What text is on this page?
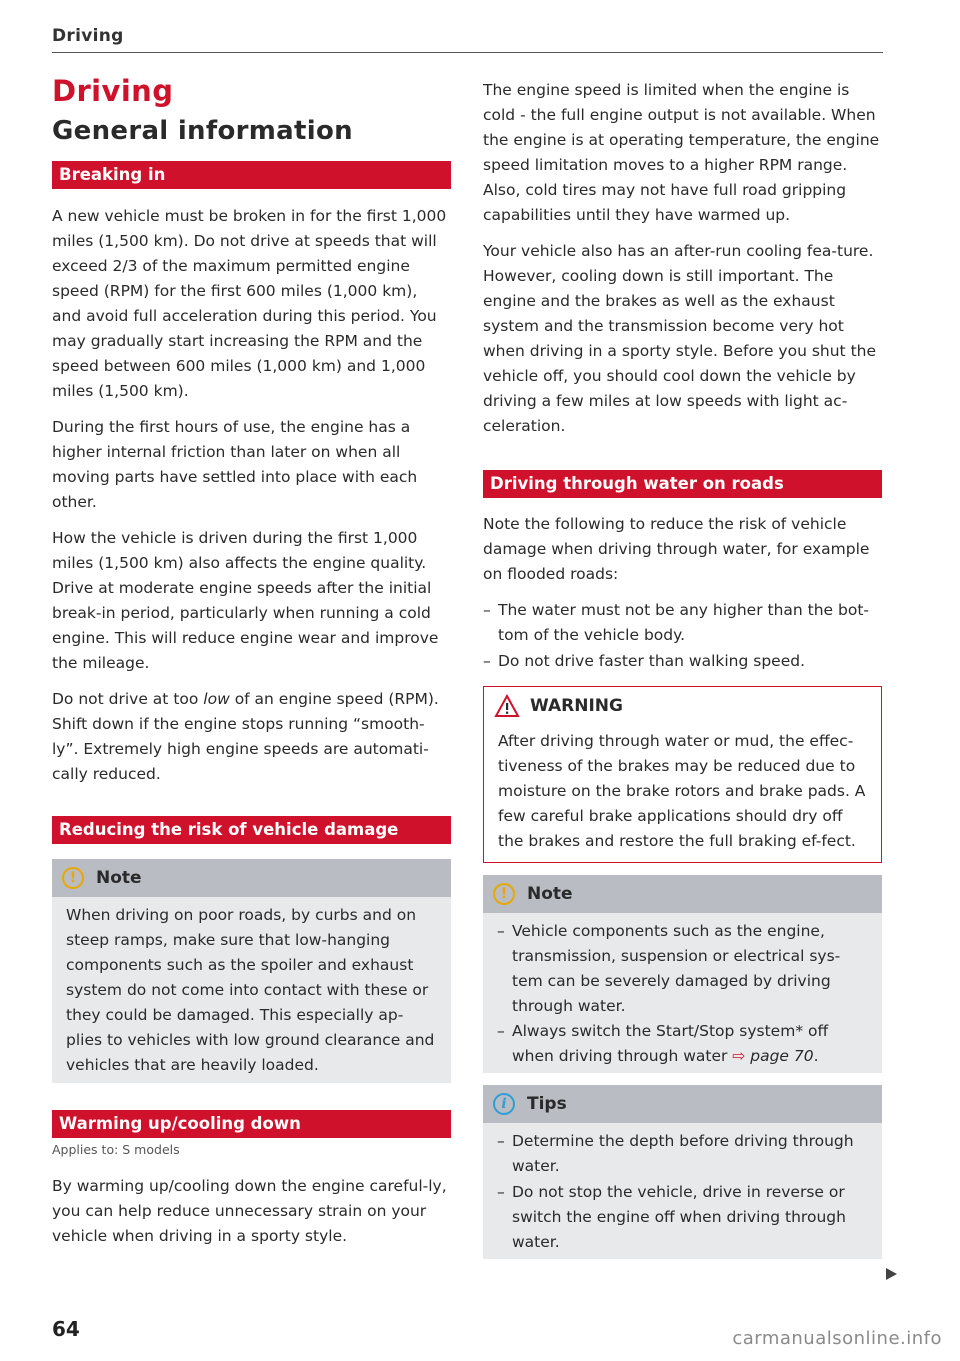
Driving
Driving
General information
Breaking in

A new vehicle must be broken in for the first 1,000 miles (1,500 km). Do not drive at speeds that will exceed 2/3 of the maximum permitted engine speed (RPM) for the first 600 miles (1,000 km), and avoid full acceleration during this period. You may gradually start increasing the RPM and the speed between 600 miles (1,000 km) and 1,000 miles (1,500 km).

During the first hours of use, the engine has a higher internal friction than later on when all moving parts have settled into place with each other.

How the vehicle is driven during the first 1,000 miles (1,500 km) also affects the engine quality. Drive at moderate engine speeds after the initial break-in period, particularly when running a cold engine. This will reduce engine wear and improve the mileage.

Do not drive at too low of an engine speed (RPM). Shift down if the engine stops running “smooth-ly”. Extremely high engine speeds are automati-cally reduced.

Reducing the risk of vehicle damage
!	Note

When driving on poor roads, by curbs and on steep ramps, make sure that low-hanging components such as the spoiler and exhaust system do not come into contact with these or they could be damaged. This especially ap-plies to vehicles with low ground clearance and vehicles that are heavily loaded.

Warming up/cooling down
Applies to: S models

By warming up/cooling down the engine careful-ly, you can help reduce unnecessary strain on your vehicle when driving in a sporty style.

The engine speed is limited when the engine is cold - the full engine output is not available. When the engine is at operating temperature, the engine speed limitation moves to a higher RPM range. Also, cold tires may not have full road gripping capabilities until they have warmed up.

Your vehicle also has an after-run cooling fea-ture. However, cooling down is still important. The engine and the brakes as well as the exhaust system and the transmission become very hot when driving in a sporty style. Before you shut the vehicle off, you should cool down the vehicle by driving a few miles at low speeds with light ac-celeration.

Driving through water on roads

Note the following to reduce the risk of vehicle damage when driving through water, for example on flooded roads:

– The water must not be any higher than the bot-tom of the vehicle body.
– Do not drive faster than walking speed.
WARNING

After driving through water or mud, the effec-tiveness of the brakes may be reduced due to moisture on the brake rotors and brake pads. A few careful brake applications should dry off the brakes and restore the full braking ef-fect.

!	Note
– Vehicle components such as the engine, transmission, suspension or electrical sys-tem can be severely damaged by driving through water.
– Always switch the Start/Stop system* off when driving through water ⇨ page 70.
i	Tips
– Determine the depth before driving through water.
– Do not stop the vehicle, drive in reverse or switch the engine off when driving through water.
64	carmanualsonline.info
